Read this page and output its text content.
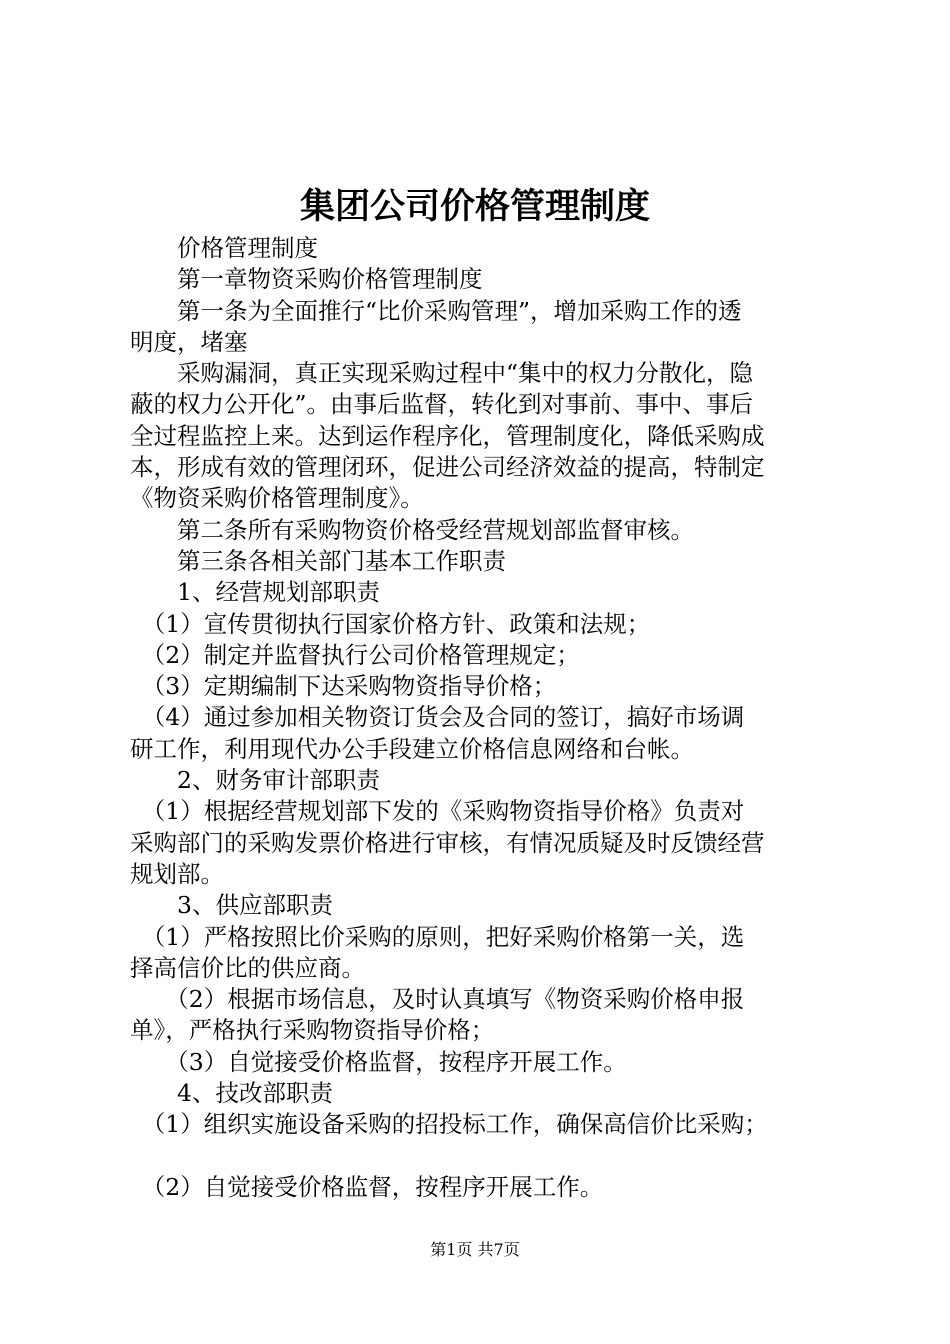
集团公司价格管理制度

　　价格管理制度

　　第一章物资采购价格管理制度

　　第一条为全面推行“比价采购管理”，增加采购工作的透

明度，堵塞

　　采购漏洞，真正实现采购过程中“集中的权力分散化，隐

蔽的权力公开化”。由事后监督，转化到对事前、事中、事后

全过程监控上来。达到运作程序化，管理制度化，降低采购成

本，形成有效的管理闭环，促进公司经济效益的提高，特制定

《物资采购价格管理制度》。

　　第二条所有采购物资价格受经营规划部监督审核。

　　第三条各相关部门基本工作职责

　　1、经营规划部职责

　（1）宣传贯彻执行国家价格方针、政策和法规；

　（2）制定并监督执行公司价格管理规定；

　（3）定期编制下达采购物资指导价格；

　（4）通过参加相关物资订货会及合同的签订，搞好市场调

研工作，利用现代办公手段建立价格信息网络和台帐。

　　2、财务审计部职责

　（1）根据经营规划部下发的《采购物资指导价格》负责对

采购部门的采购发票价格进行审核，有情况质疑及时反馈经营

规划部。

　　3、供应部职责

　（1）严格按照比价采购的原则，把好采购价格第一关，选

择高信价比的供应商。

　　（2）根据市场信息，及时认真填写《物资采购价格申报

单》，严格执行采购物资指导价格；

　　（3）自觉接受价格监督，按程序开展工作。

　　4、技改部职责

　（1）组织实施设备采购的招投标工作，确保高信价比采购；

　（2）自觉接受价格监督，按程序开展工作。

第1页 共7页
